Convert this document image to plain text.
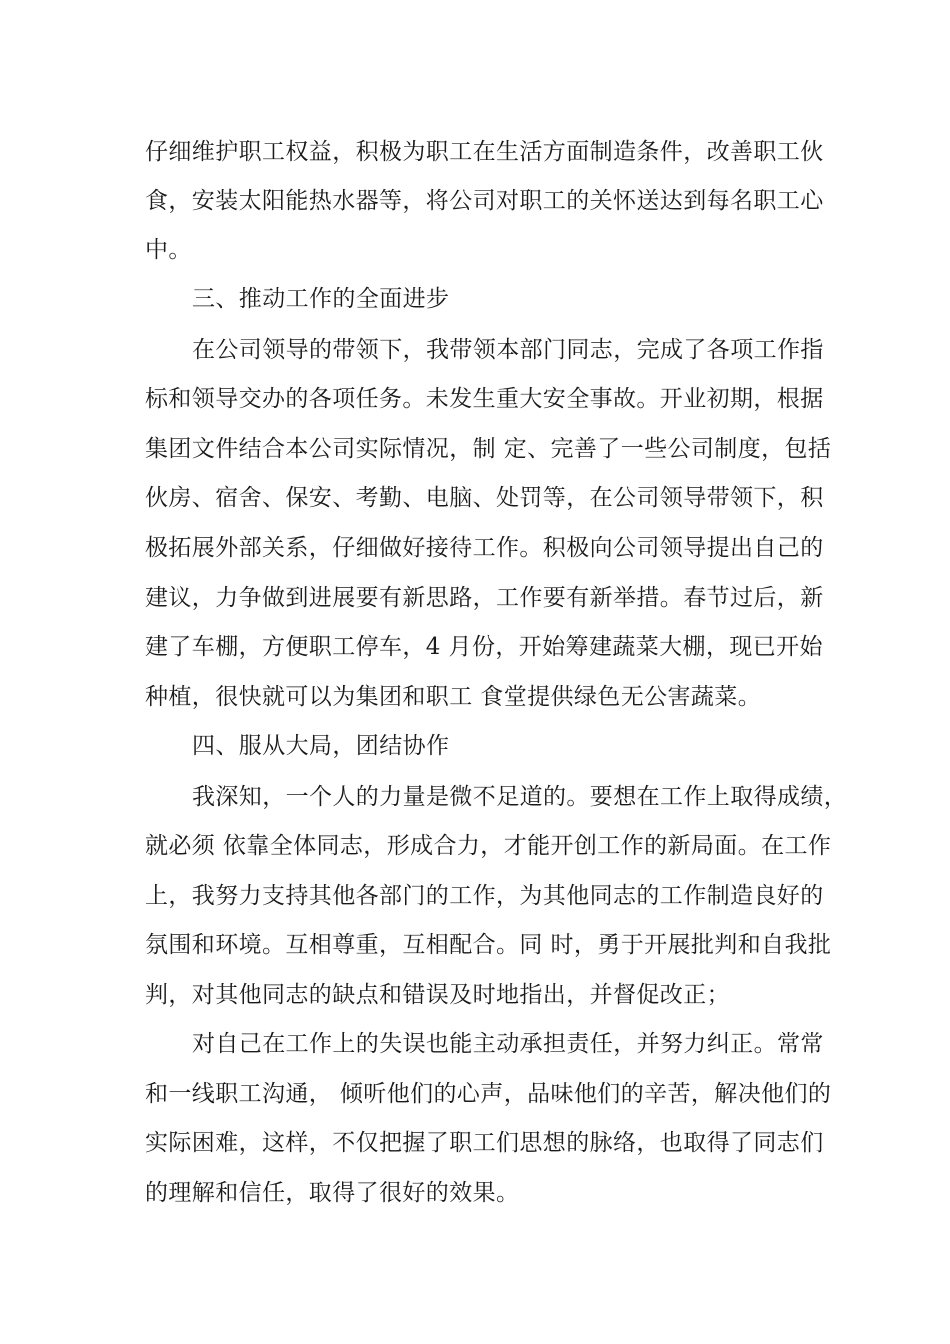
仔细维护职工权益，积极为职工在生活方面制造条件，改善职工伙
食，安装太阳能热水器等，将公司对职工的关怀送达到每名职工心
中。
三、推动工作的全面进步
在公司领导的带领下，我带领本部门同志，完成了各项工作指
标和领导交办的各项任务。未发生重大安全事故。开业初期，根据
集团文件结合本公司实际情况，制 定、完善了一些公司制度，包括
伙房、宿舍、保安、考勤、电脑、处罚等，在公司领导带领下，积
极拓展外部关系，仔细做好接待工作。积极向公司领导提出自己的
建议，力争做到进展要有新思路，工作要有新举措。春节过后，新
建了车棚，方便职工停车，4 月份，开始筹建蔬菜大棚，现已开始
种植，很快就可以为集团和职工 食堂提供绿色无公害蔬菜。
四、服从大局，团结协作
我深知，一个人的力量是微不足道的。要想在工作上取得成绩，
就必须 依靠全体同志，形成合力，才能开创工作的新局面。在工作
上，我努力支持其他各部门的工作，为其他同志的工作制造良好的
氛围和环境。互相尊重，互相配合。同 时，勇于开展批判和自我批
判，对其他同志的缺点和错误及时地指出，并督促改正；
对自己在工作上的失误也能主动承担责任，并努力纠正。常常
和一线职工沟通， 倾听他们的心声，品味他们的辛苦，解决他们的
实际困难，这样，不仅把握了职工们思想的脉络，也取得了同志们
的理解和信任，取得了很好的效果。
